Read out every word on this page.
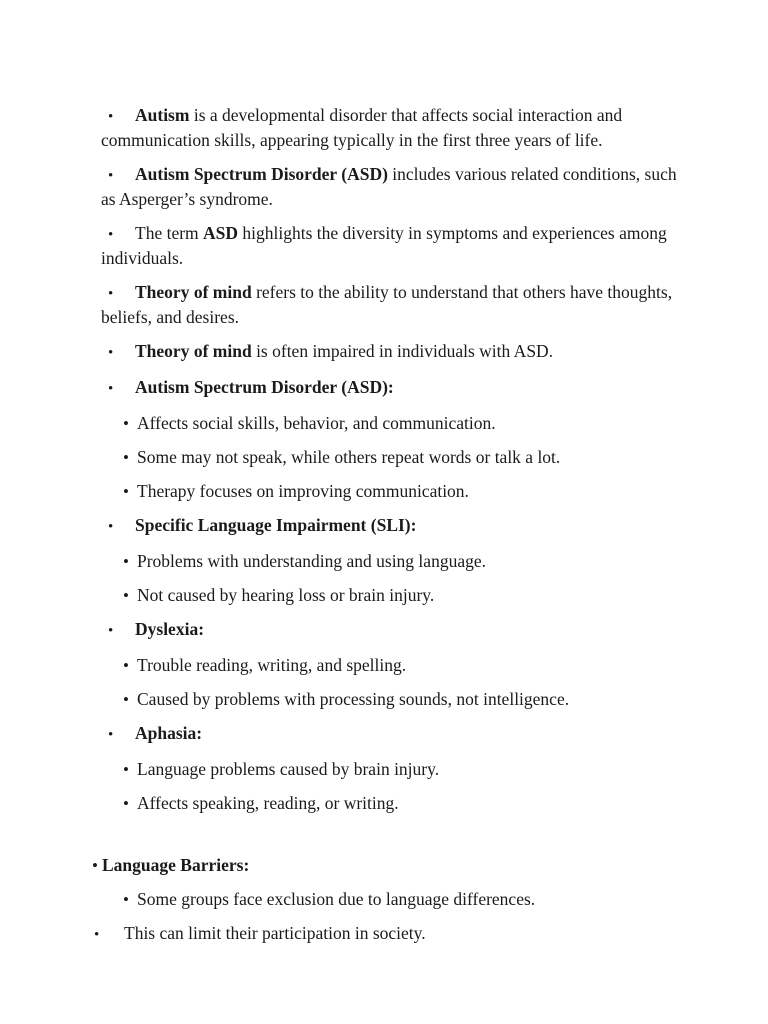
• Autism is a developmental disorder that affects social interaction and communication skills, appearing typically in the first three years of life.

• Autism Spectrum Disorder (ASD) includes various related conditions, such as Asperger’s syndrome.

• The term ASD highlights the diversity in symptoms and experiences among individuals.

• Theory of mind refers to the ability to understand that others have thoughts, beliefs, and desires.

• Theory of mind is often impaired in individuals with ASD.

• Autism Spectrum Disorder (ASD):

• Affects social skills, behavior, and communication.

• Some may not speak, while others repeat words or talk a lot.

• Therapy focuses on improving communication.

• Specific Language Impairment (SLI):

• Problems with understanding and using language.

• Not caused by hearing loss or brain injury.

• Dyslexia:

• Trouble reading, writing, and spelling.

• Caused by problems with processing sounds, not intelligence.

• Aphasia:

• Language problems caused by brain injury.

• Affects speaking, reading, or writing.

• Language Barriers:

• Some groups face exclusion due to language differences.

• This can limit their participation in society.
